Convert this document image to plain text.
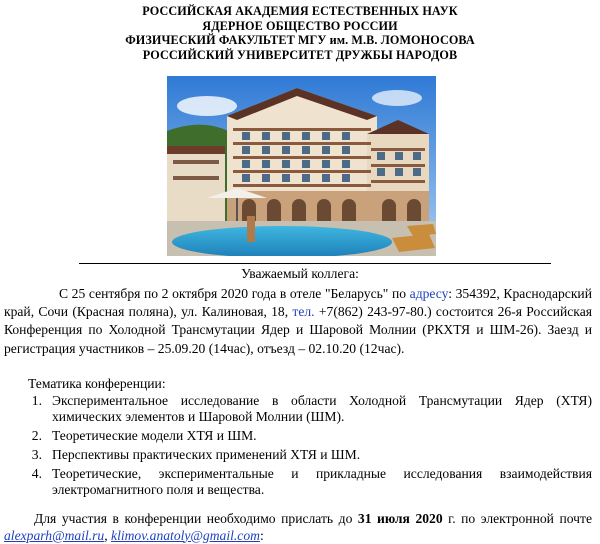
РОССИЙСКАЯ АКАДЕМИЯ ЕСТЕСТВЕННЫХ НАУК
ЯДЕРНОЕ ОБЩЕСТВО РОССИИ
ФИЗИЧЕСКИЙ ФАКУЛЬТЕТ МГУ им. М.В. ЛОМОНОСОВА
РОССИЙСКИЙ УНИВЕРСИТЕТ ДРУЖБЫ НАРОДОВ
Уважаемый коллега:
С 25 сентября по 2 октября 2020 года в отеле "Беларусь" по адресу: 354392, Краснодарский край, Сочи (Красная поляна), ул. Калиновая, 18, тел. +7(862) 243-97-80.) состоится 26-я Российская Конференция по Холодной Трансмутации Ядер и Шаровой Молнии (РКХТЯ и ШМ-26). Заезд и регистрация участников – 25.09.20 (14час), отъезд – 02.10.20 (12час).
Тематика конференции:
1. Экспериментальное исследование в области Холодной Трансмутации Ядер (ХТЯ) химических элементов и Шаровой Молнии (ШМ).
2. Теоретические модели ХТЯ и ШМ.
3. Перспективы практических применений ХТЯ и ШМ.
4. Теоретические, экспериментальные и прикладные исследования взаимодействия электромагнитного поля и вещества.
Для участия в конференции необходимо прислать до 31 июля 2020 г. по электронной почте alexparh@mail.ru, klimov.anatoly@gmail.com:
